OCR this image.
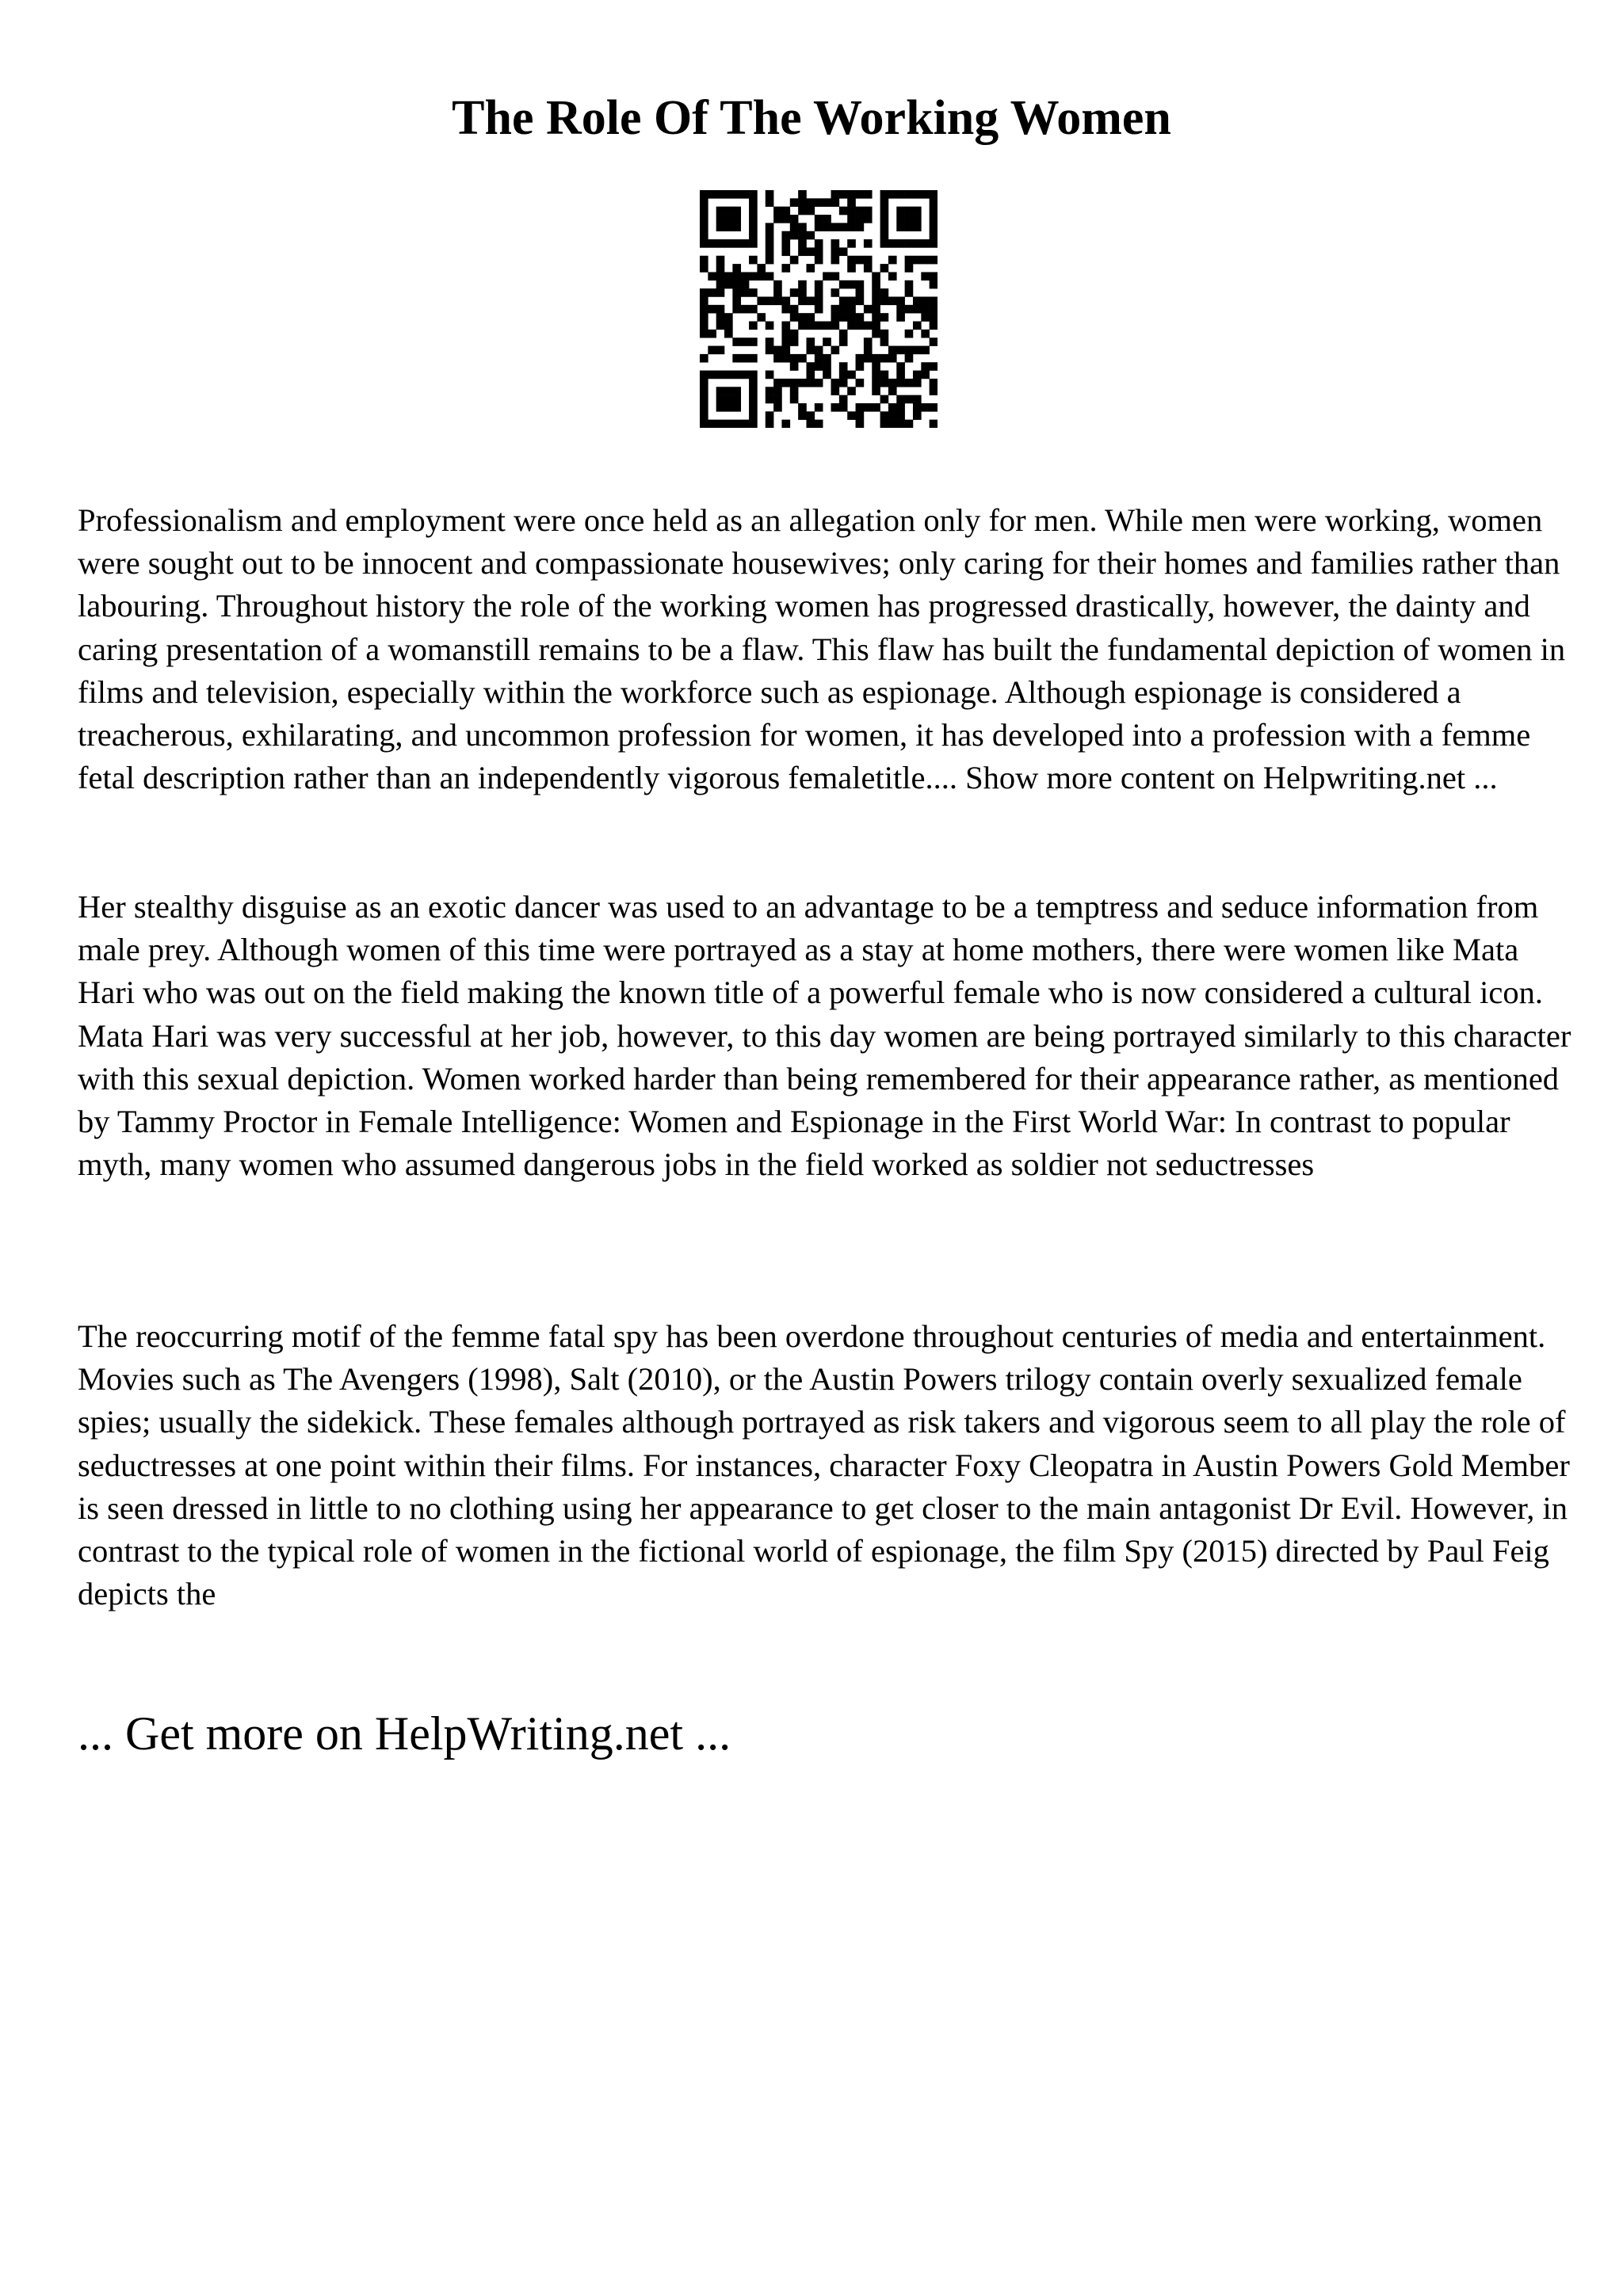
The Role Of The Working Women

Professionalism and employment were once held as an allegation only for men. While men were working, women were sought out to be innocent and compassionate housewives; only caring for their homes and families rather than labouring. Throughout history the role of the working women has progressed drastically, however, the dainty and caring presentation of a womanstill remains to be a flaw. This flaw has built the fundamental depiction of women in films and television, especially within the workforce such as espionage. Although espionage is considered a treacherous, exhilarating, and uncommon profession for women, it has developed into a profession with a femme fetal description rather than an independently vigorous femaletitle.... Show more content on Helpwriting.net ...

Her stealthy disguise as an exotic dancer was used to an advantage to be a temptress and seduce information from male prey. Although women of this time were portrayed as a stay at home mothers, there were women like Mata Hari who was out on the field making the known title of a powerful female who is now considered a cultural icon. Mata Hari was very successful at her job, however, to this day women are being portrayed similarly to this character with this sexual depiction. Women worked harder than being remembered for their appearance rather, as mentioned by Tammy Proctor in Female Intelligence: Women and Espionage in the First World War: In contrast to popular myth, many women who assumed dangerous jobs in the field worked as soldier not seductresses

The reoccurring motif of the femme fatal spy has been overdone throughout centuries of media and entertainment. Movies such as The Avengers (1998), Salt (2010), or the Austin Powers trilogy contain overly sexualized female spies; usually the sidekick. These females although portrayed as risk takers and vigorous seem to all play the role of seductresses at one point within their films. For instances, character Foxy Cleopatra in Austin Powers Gold Member is seen dressed in little to no clothing using her appearance to get closer to the main antagonist Dr Evil. However, in contrast to the typical role of women in the fictional world of espionage, the film Spy (2015) directed by Paul Feig depicts the

... Get more on HelpWriting.net ...
